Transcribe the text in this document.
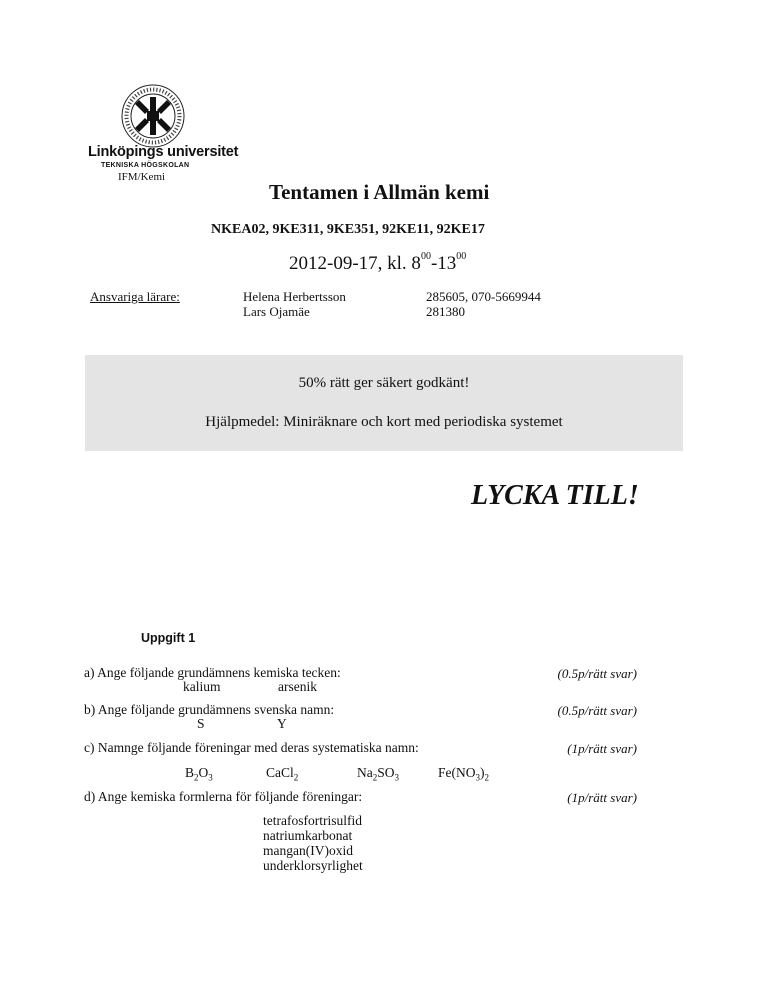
Linköpings universitet
TEKNISKA HÖGSKOLAN
IFM/Kemi
Tentamen i Allmän kemi
NKEA02, 9KE311, 9KE351, 92KE11, 92KE17
2012-09-17, kl. $8^{00}-13^{00}$
Ansvariga lärare:	Helena Herbertsson	285605, 070-5669944
Lars Ojamäe	281380
50% rätt ger säkert godkänt!
Hjälpmedel: Miniräknare och kort med periodiska systemet
LYCKA TILL!
Uppgift 1
a) Ange följande grundämnens kemiska tecken:	(0.5p/rätt svar)
kalium	arsenik
b) Ange följande grundämnens svenska namn:	(0.5p/rätt svar)
S	Y
c) Namnge följande föreningar med deras systematiska namn:	(1p/rätt svar)
$B_2O_3$	CaCl$_2$	$Na_2SO_3$	$Fe(NO_3)_2$
d) Ange kemiska formlerna för följande föreningar:	(1p/rätt svar)
tetrafosfortrisulfid
natriumkarbonat
mangan(IV)oxid
underklorsyrlighet
